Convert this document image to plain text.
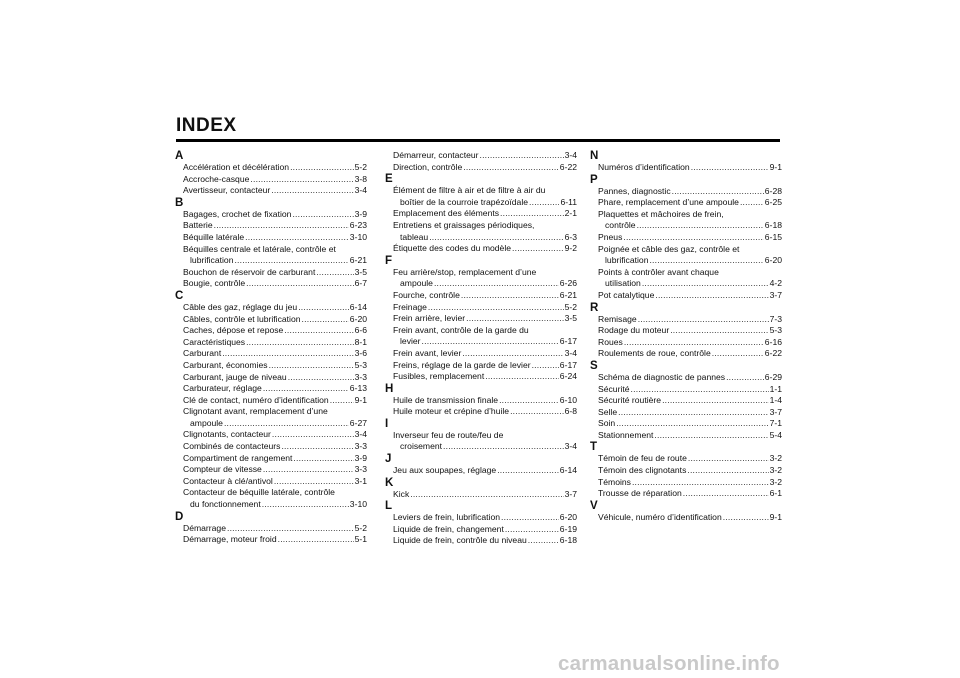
INDEX
A
Accélération et décélération .....	5-2
Accroche-casque .....	3-8
Avertisseur, contacteur .....	3-4
B
Bagages, crochet de fixation .....	3-9
Batterie .....	6-23
Béquille latérale .....	3-10
Béquilles centrale et latérale, contrôle et
lubrification .....	6-21
Bouchon de réservoir de carburant .....	3-5
Bougie, contrôle .....	6-7
C
Câble des gaz, réglage du jeu .....	6-14
Câbles, contrôle et lubrification .....	6-20
Caches, dépose et repose .....	6-6
Caractéristiques .....	8-1
Carburant .....	3-6
Carburant, économies .....	5-3
Carburant, jauge de niveau .....	3-3
Carburateur, réglage .....	6-13
Clé de contact, numéro d’identification .....	9-1
Clignotant avant, remplacement d’une
ampoule .....	6-27
Clignotants, contacteur .....	3-4
Combinés de contacteurs .....	3-3
Compartiment de rangement .....	3-9
Compteur de vitesse .....	3-3
Contacteur à clé/antivol .....	3-1
Contacteur de béquille latérale, contrôle
du fonctionnement .....	3-10
D
Démarrage .....	5-2
Démarrage, moteur froid .....	5-1
Démarreur, contacteur .....	3-4
Direction, contrôle .....	6-22
E
Élément de filtre à air et de filtre à air du
boîtier de la courroie trapézoïdale .....	6-11
Emplacement des éléments .....	2-1
Entretiens et graissages périodiques,
tableau .....	6-3
Étiquette des codes du modèle .....	9-2
F
Feu arrière/stop, remplacement d’une
ampoule .....	6-26
Fourche, contrôle .....	6-21
Freinage .....	5-2
Frein arrière, levier .....	3-5
Frein avant, contrôle de la garde du
levier .....	6-17
Frein avant, levier .....	3-4
Freins, réglage de la garde de levier .....	6-17
Fusibles, remplacement .....	6-24
H
Huile de transmission finale .....	6-10
Huile moteur et crépine d’huile .....	6-8
I
Inverseur feu de route/feu de
croisement .....	3-4
J
Jeu aux soupapes, réglage .....	6-14
K
Kick .....	3-7
L
Leviers de frein, lubrification .....	6-20
Liquide de frein, changement .....	6-19
Liquide de frein, contrôle du niveau .....	6-18
N
Numéros d’identification .....	9-1
P
Pannes, diagnostic .....	6-28
Phare, remplacement d’une ampoule .....	6-25
Plaquettes et mâchoires de frein,
contrôle .....	6-18
Pneus .....	6-15
Poignée et câble des gaz, contrôle et
lubrification .....	6-20
Points à contrôler avant chaque
utilisation .....	4-2
Pot catalytique .....	3-7
R
Remisage .....	7-3
Rodage du moteur .....	5-3
Roues .....	6-16
Roulements de roue, contrôle .....	6-22
S
Schéma de diagnostic de pannes .....	6-29
Sécurité .....	1-1
Sécurité routière .....	1-4
Selle .....	3-7
Soin .....	7-1
Stationnement .....	5-4
T
Témoin de feu de route .....	3-2
Témoin des clignotants .....	3-2
Témoins .....	3-2
Trousse de réparation .....	6-1
V
Véhicule, numéro d’identification .....	9-1
carmanualsonline.info
